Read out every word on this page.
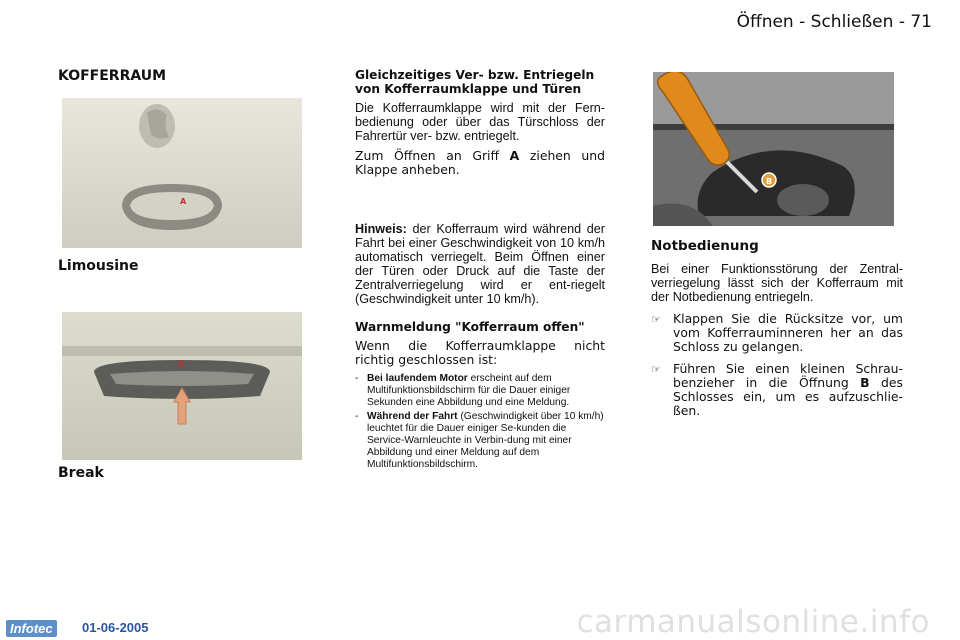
Öffnen - Schließen - 71
KOFFERRAUM
A
Limousine
A
Break
Gleichzeitiges Ver- bzw. Entriegeln von Kofferraumklappe und Türen

Die Kofferraumklappe wird mit der Fern-bedienung oder über das Türschloss der Fahrertür ver- bzw. entriegelt.

Zum Öffnen an Griff A ziehen und Klappe anheben.

Hinweis: der Kofferraum wird während der Fahrt bei einer Geschwindigkeit von 10 km/h automatisch verriegelt. Beim Öffnen einer der Türen oder Druck auf die Taste der Zentralverriegelung wird er ent-riegelt (Geschwindigkeit unter 10 km/h).

Warnmeldung "Kofferraum offen"

Wenn die Kofferraumklappe nicht richtig geschlossen ist:

- Bei laufendem Motor erscheint auf dem Multifunktionsbildschirm für die Dauer einiger Sekunden eine Abbildung und eine Meldung.
- Während der Fahrt (Geschwindigkeit über 10 km/h) leuchtet für die Dauer einiger Se-kunden die Service-Warnleuchte in Verbin-dung mit einer Abbildung und einer Meldung auf dem Multifunktionsbildschirm.
B
Notbedienung

Bei einer Funktionsstörung der Zentral-verriegelung lässt sich der Kofferraum mit der Notbedienung entriegeln.

☞ Klappen Sie die Rücksitze vor, um vom Kofferrauminneren her an das Schloss zu gelangen.

☞ Führen Sie einen kleinen Schrau-benzieher in die Öffnung B des Schlosses ein, um es aufzuschlie-ßen.

Infotec	01-06-2005	carmanualsonline.info
